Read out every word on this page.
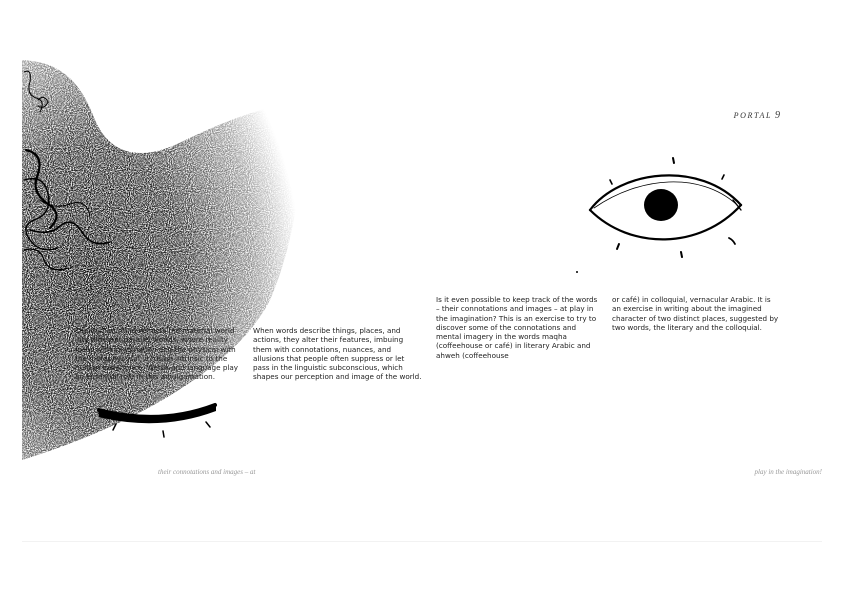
PORTAL 9
The human mind refracts the material world into different parallel worlds, where reality fuses with imagination and the physical with the metaphys-ical, a fusion intrinsic to the human experience. Words and language play an essential role in this amalgamation.
When words describe things, places, and actions, they alter their features, imbuing them with connotations, nuances, and allusions that people often suppress or let pass in the linguistic subconscious, which shapes our perception and image of the world.
Is it even possible to keep track of the words – their connotations and images – at play in the imagination? This is an exercise to try to discover some of the connotations and mental imagery in the words maqha (coffeehouse or café) in literary Arabic and ahweh (coffeehouse
or café) in colloquial, vernacular Arabic. It is an exercise in writing about the imagined character of two distinct places, suggested by two words, the literary and the colloquial.
their connotations and images – at	play in the imagination!
